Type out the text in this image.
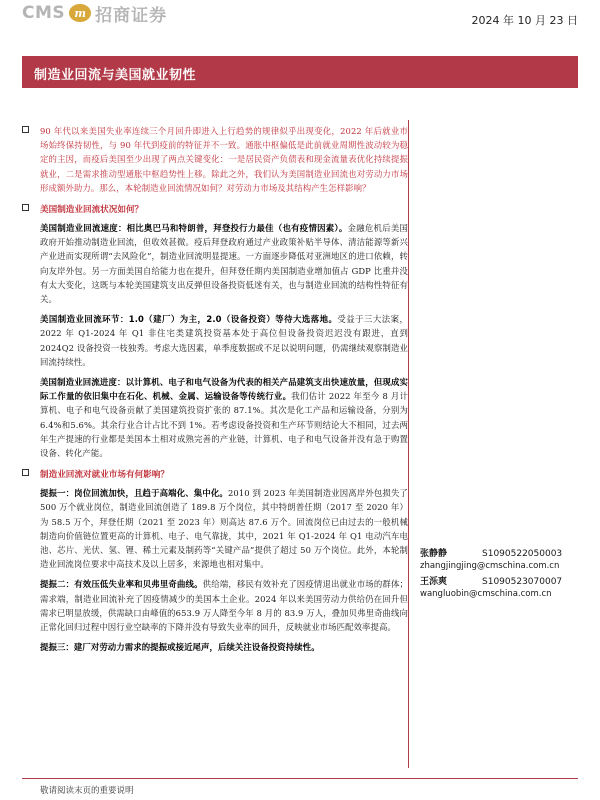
CMS m 招商证券	2024 年 10 月 23 日
制造业回流与美国就业韧性
90 年代以来美国失业率连续三个月回升即进入上行趋势的规律似乎出现变化，2022 年后就业市场始终保持韧性，与 90 年代到疫前的特征并不一致。通胀中枢偏低是此前就业周期性波动较为稳定的主因，而疫后美国至少出现了两点关键变化：一是居民资产负债表和现金流量表优化持续提振就业，二是需求推动型通胀中枢趋势性上移。除此之外，我们认为美国制造业回流也对劳动力市场形成额外助力。那么，本轮制造业回流情况如何？对劳动力市场及其结构产生怎样影响？
美国制造业回流状况如何？

美国制造业回流速度：相比奥巴马和特朗普，拜登投行力最佳（也有疫情因素）。金融危机后美国政府开始推动制造业回流，但收效甚微。疫后拜登政府通过产业政策补贴半导体、清洁能源等新兴产业进而实现所谓“去风险化”，制造业回流明显提速。一方面逐步降低对亚洲地区的进口依赖，转向友岸外包。另一方面美国自给能力也在提升，但拜登任期内美国制造业增加值占 GDP 比重并没有太大变化，这既与本轮美国建筑支出反弹但设备投资低迷有关，也与制造业回流的结构性特征有关。

美国制造业回流环节：1.0（建厂）为主，2.0（设备投资）等待大选落地。受益于三大法案，2022 年 Q1-2024 年 Q1 非住宅类建筑投资基本处于高位但设备投资迟迟没有跟进，直到 2024Q2 设备投资一枝独秀。考虑大选因素，单季度数据或不足以说明问题，仍需继续观察制造业回流持续性。

美国制造业回流进度：以计算机、电子和电气设备为代表的相关产品建筑支出快速放量，但现成实际工作量的依旧集中在石化、机械、金属、运输设备等传统行业。我们估计 2022 年至今 8 月计算机、电子和电气设备贡献了美国建筑投资扩张的 87.1%。其次是化工产品和运输设备，分别为 6.4%和5.6%。其余行业合计占比不到 1%。若考虑设备投资和生产环节则结论大不相同，过去两年生产提速的行业都是美国本土相对成熟完善的产业链，计算机、电子和电气设备并没有急于购置设备、转化产能。

制造业回流对就业市场有何影响？

提振一：岗位回流加快，且趋于高端化、集中化。2010 到 2023 年美国制造业因离岸外包损失了 500 万个就业岗位，制造业回流创造了 189.8 万个岗位，其中特朗普任期（2017 至 2020 年）为 58.5 万个，拜登任期（2021 至 2023 年）则高达 87.6 万个。回流岗位已由过去的一般机械制造向价值链位置更高的计算机、电子、电气靠拢，其中，2021 年 Q1-2024 年 Q1 电动汽车电池、芯片、光伏、氢、锂、稀土元素及制药等“关键产品”提供了超过 50 万个岗位。此外，本轮制造业回流岗位要求中高技术及以上居多，来源地也相对集中。

提振二：有效压低失业率和贝弗里奇曲线。供给端，移民有效补充了因疫情退出就业市场的群体；需求端，制造业回流补充了因疫情减少的美国本土企业。2024 年以来美国劳动力供给仍在回升但需求已明显放缓，供需缺口由峰值的653.9 万人降至今年 8 月的 83.9 万人，叠加贝弗里奇曲线向正常化回归过程中因行业空缺率的下降并没有导致失业率的回升，反映就业市场匹配效率提高。

提振三：建厂对劳动力需求的提振或接近尾声，后续关注设备投资持续性。

张静静	S1090522050003
zhangjingjing@cmschina.com.cn
王泺爽	S1090523070007
wangluobin@cmschina.com.cn
敬请阅读末页的重要说明
